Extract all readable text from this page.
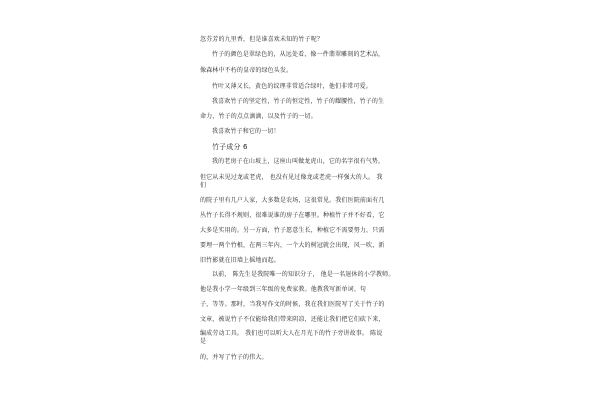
忽芬芳的九里香，但是谁喜欢未知的竹子呢？
竹子的颜色是翠绿色的，从远处看，像一件翡翠雕刻的艺术品，
像森林中不朽的皇帝的绿色头发。
竹叶又薄又长，黄色的纹理非常适合绿叶，他们非常可爱。
我喜欢竹子的坚定性，竹子的恒定性，竹子的耀腰性，竹子的生
命力，竹子的点点滴滴，以及竹子的一切。
我喜欢竹子和它的一切！
竹子成分 6
我的老房子在山坡上，这座山叫做龙虎山，它的名字很有气势，
但它从未见过龙或老虎， 也没有见过像龙或老虎一样强大的人。 我
们
的院子里有几户人家，大多数是农场，这很常见。我们医院前面有几
丛竹子长得不规则，很难说谁的房子在哪里。种植竹子并不好看，它
大多是实用的。另一方面，竹子愿意生长，种植它不需要努力，只需
要埋一两个竹根，在两三年内，一个大的树冠就会出现，风一吹，新
旧竹影就在旧墙上摇地而起。
以前， 陈先生是我院唯一的知识分子， 他是一名退休的小学教师。
他是我小学一年级到三年级的免费家教。他教我写新单词、句
子，等等。那时，当我写作文的时候，我在我们医院写了关于竹子的
文章，被说竹子不仅能给我们带来阴凉，还能让我们把它们砍下来，
编成劳动工具。 我们也可以听大人在月光下的竹子旁讲故事。 陈说
是
的，并写了竹子的伟大。
